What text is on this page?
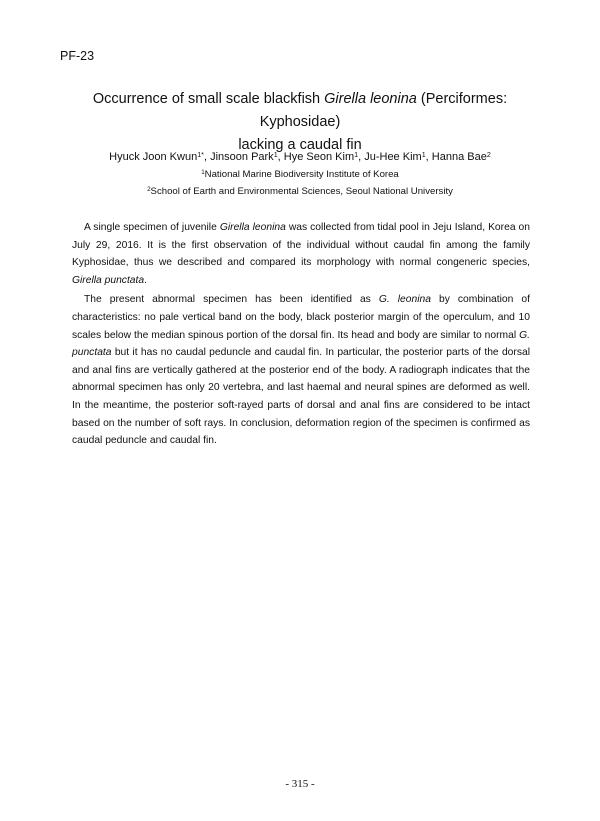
PF-23
Occurrence of small scale blackfish Girella leonina (Perciformes: Kyphosidae)
lacking a caudal fin
Hyuck Joon Kwun$^{1*}$, Jinsoon Park$^1$, Hye Seon Kim$^1$, Ju-Hee Kim$^1$, Hanna Bae$^2$
$^1$National Marine Biodiversity Institute of Korea
$^2$School of Earth and Environmental Sciences, Seoul National University

A single specimen of juvenile Girella leonina was collected from tidal pool in Jeju Island, Korea on July 29, 2016. It is the first observation of the individual without caudal fin among the family Kyphosidae, thus we described and compared its morphology with normal congeneric species, Girella punctata.

The present abnormal specimen has been identified as G. leonina by combination of characteristics: no pale vertical band on the body, black posterior margin of the operculum, and 10 scales below the median spinous portion of the dorsal fin. Its head and body are similar to normal G. punctata but it has no caudal peduncle and caudal fin. In particular, the posterior parts of the dorsal and anal fins are vertically gathered at the posterior end of the body. A radiograph indicates that the abnormal specimen has only 20 vertebra, and last haemal and neural spines are deformed as well. In the meantime, the posterior soft-rayed parts of dorsal and anal fins are considered to be intact based on the number of soft rays. In conclusion, deformation region of the specimen is confirmed as caudal peduncle and caudal fin.

- 315 -
